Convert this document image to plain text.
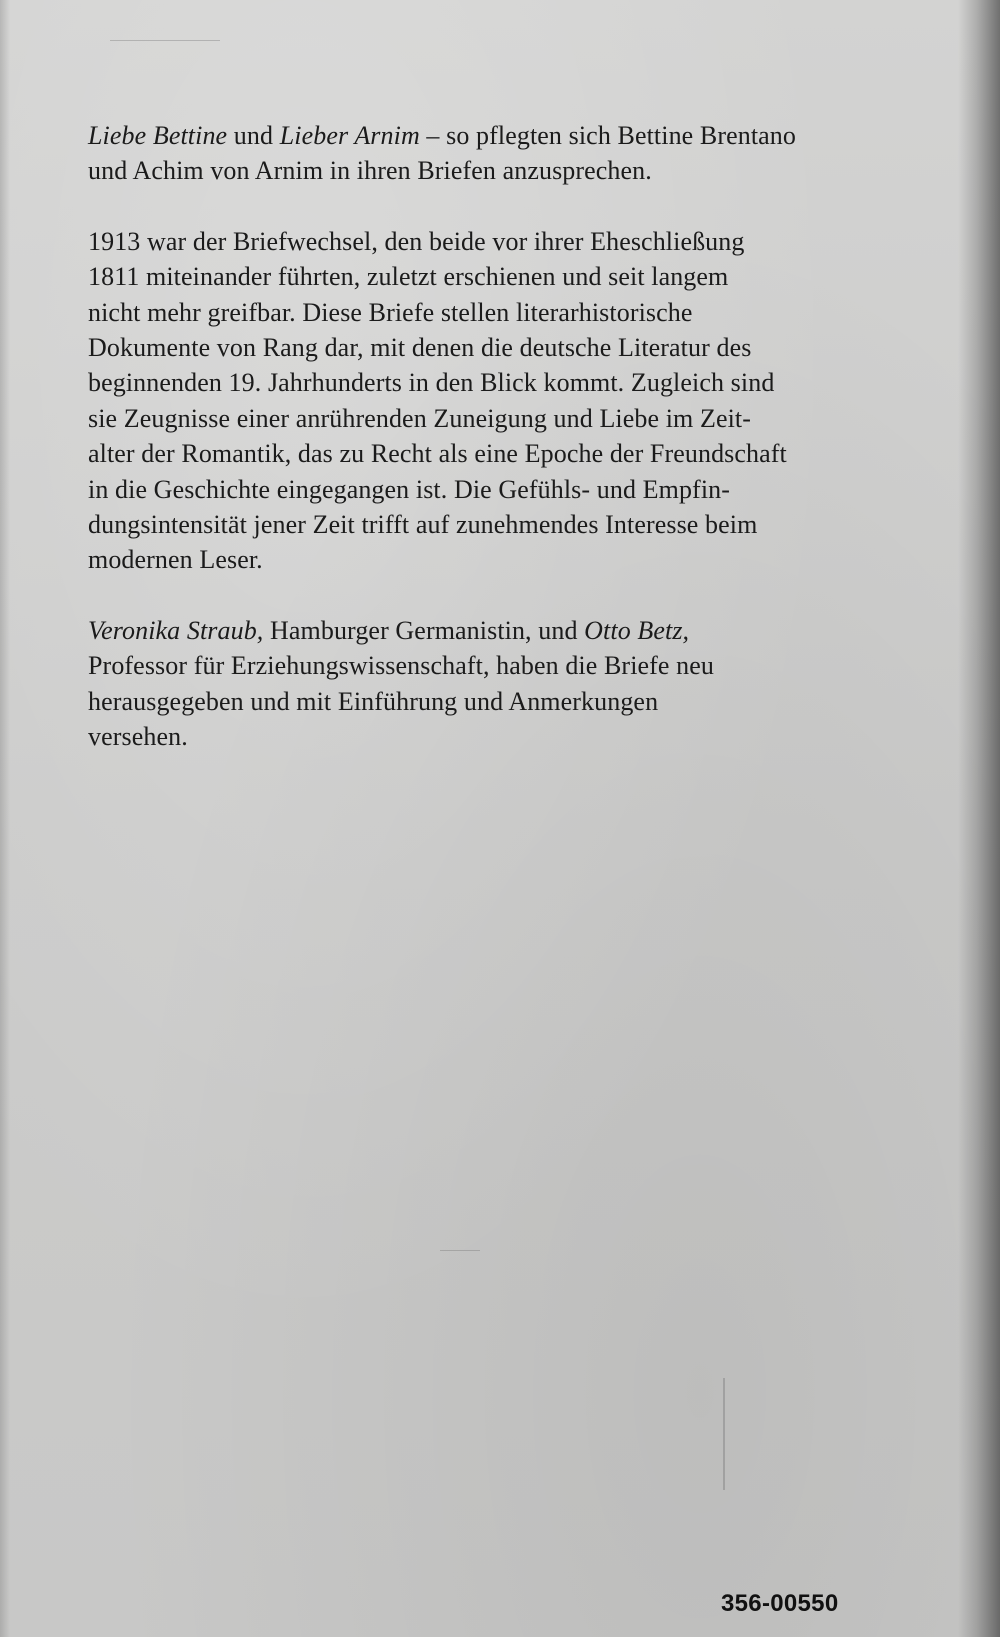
Liebe Bettine und Lieber Arnim – so pflegten sich Bettine Brentano
und Achim von Arnim in ihren Briefen anzusprechen.

1913 war der Briefwechsel, den beide vor ihrer Eheschließung
1811 miteinander führten, zuletzt erschienen und seit langem
nicht mehr greifbar. Diese Briefe stellen literarhistorische
Dokumente von Rang dar, mit denen die deutsche Literatur des
beginnenden 19. Jahrhunderts in den Blick kommt. Zugleich sind
sie Zeugnisse einer anrührenden Zuneigung und Liebe im Zeit-
alter der Romantik, das zu Recht als eine Epoche der Freundschaft
in die Geschichte eingegangen ist. Die Gefühls- und Empfin-
dungsintensität jener Zeit trifft auf zunehmendes Interesse beim
modernen Leser.

Veronika Straub, Hamburger Germanistin, und Otto Betz,
Professor für Erziehungswissenschaft, haben die Briefe neu
herausgegeben und mit Einführung und Anmerkungen
versehen.

356-00550
